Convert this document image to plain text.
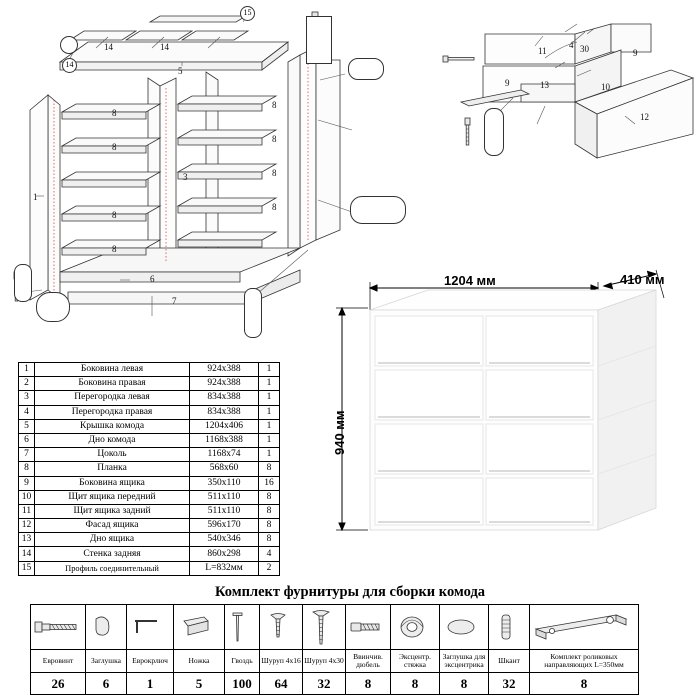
15
14
14	14
5
1
3
6
7
8
8
8
8
8
8
8
8
11
4 30	9
9	13	10
12
1204 мм	410 мм
940 мм
1	Боковина левая	924х388	1
2	Боковина правая	924х388	1
3	Перегородка левая	834х388	1
4	Перегородка правая	834х388	1
5	Крышка комода	1204х406	1
6	Дно комода	1168х388	1
7	Цоколь	1168х74	1
8	Планка	568х60	8
9	Боковина ящика	350х110	16
10	Щит ящика передний	511х110	8
11	Щит ящика задний	511х110	8
12	Фасад ящика	596х170	8
13	Дно ящика	540х346	8
14	Стенка задняя	860х298	4
15	Профиль соединительный	L=832мм	2
Комплект фурнитуры для сборки комода

Евровинт	Заглушка	Еврокрлюч	Ножка	Гвоздь	Шуруп 4х16	Шуруп 4х30	Ввинчив. дюбель	Эксцентр. стяжка	Заглушка для эксцентрика	Шкант	Комплект роликовых направляющих L=350мм
26	6	1	5	100	64	32	8	8	8	32	8
